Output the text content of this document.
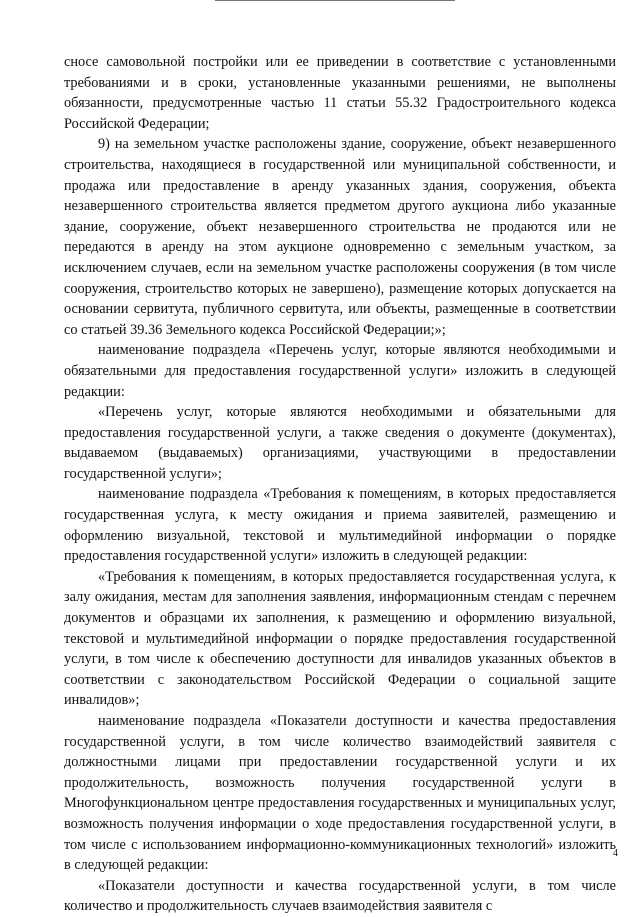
сносе самовольной постройки или ее приведении в соответствие с установленными требованиями и в сроки, установленные указанными решениями, не выполнены обязанности, предусмотренные частью 11 статьи 55.32 Градостроительного кодекса Российской Федерации;

9) на земельном участке расположены здание, сооружение, объект незавершенного строительства, находящиеся в государственной или муниципальной собственности, и продажа или предоставление в аренду указанных здания, сооружения, объекта незавершенного строительства является предметом другого аукциона либо указанные здание, сооружение, объект незавершенного строительства не продаются или не передаются в аренду на этом аукционе одновременно с земельным участком, за исключением случаев, если на земельном участке расположены сооружения (в том числе сооружения, строительство которых не завершено), размещение которых допускается на основании сервитута, публичного сервитута, или объекты, размещенные в соответствии со статьей 39.36 Земельного кодекса Российской Федерации;»;

наименование подраздела «Перечень услуг, которые являются необходимыми и обязательными для предоставления государственной услуги» изложить в следующей редакции:

«Перечень услуг, которые являются необходимыми и обязательными для предоставления государственной услуги, а также сведения о документе (документах), выдаваемом (выдаваемых) организациями, участвующими в предоставлении государственной услуги»;

наименование подраздела «Требования к помещениям, в которых предоставляется государственная услуга, к месту ожидания и приема заявителей, размещению и оформлению визуальной, текстовой и мультимедийной информации о порядке предоставления государственной услуги» изложить в следующей редакции:

«Требования к помещениям, в которых предоставляется государственная услуга, к залу ожидания, местам для заполнения заявления, информационным стендам с перечнем документов и образцами их заполнения, к размещению и оформлению визуальной, текстовой и мультимедийной информации о порядке предоставления государственной услуги, в том числе к обеспечению доступности для инвалидов указанных объектов в соответствии с законодательством Российской Федерации о социальной защите инвалидов»;

наименование подраздела «Показатели доступности и качества предоставления государственной услуги, в том числе количество взаимодействий заявителя с должностными лицами при предоставлении государственной услуги и их продолжительность, возможность получения государственной услуги в Многофункциональном центре предоставления государственных и муниципальных услуг, возможность получения информации о ходе предоставления государственной услуги, в том числе с использованием информационно-коммуникационных технологий» изложить в следующей редакции:

«Показатели доступности и качества государственной услуги, в том числе количество и продолжительность случаев взаимодействия заявителя с

4
